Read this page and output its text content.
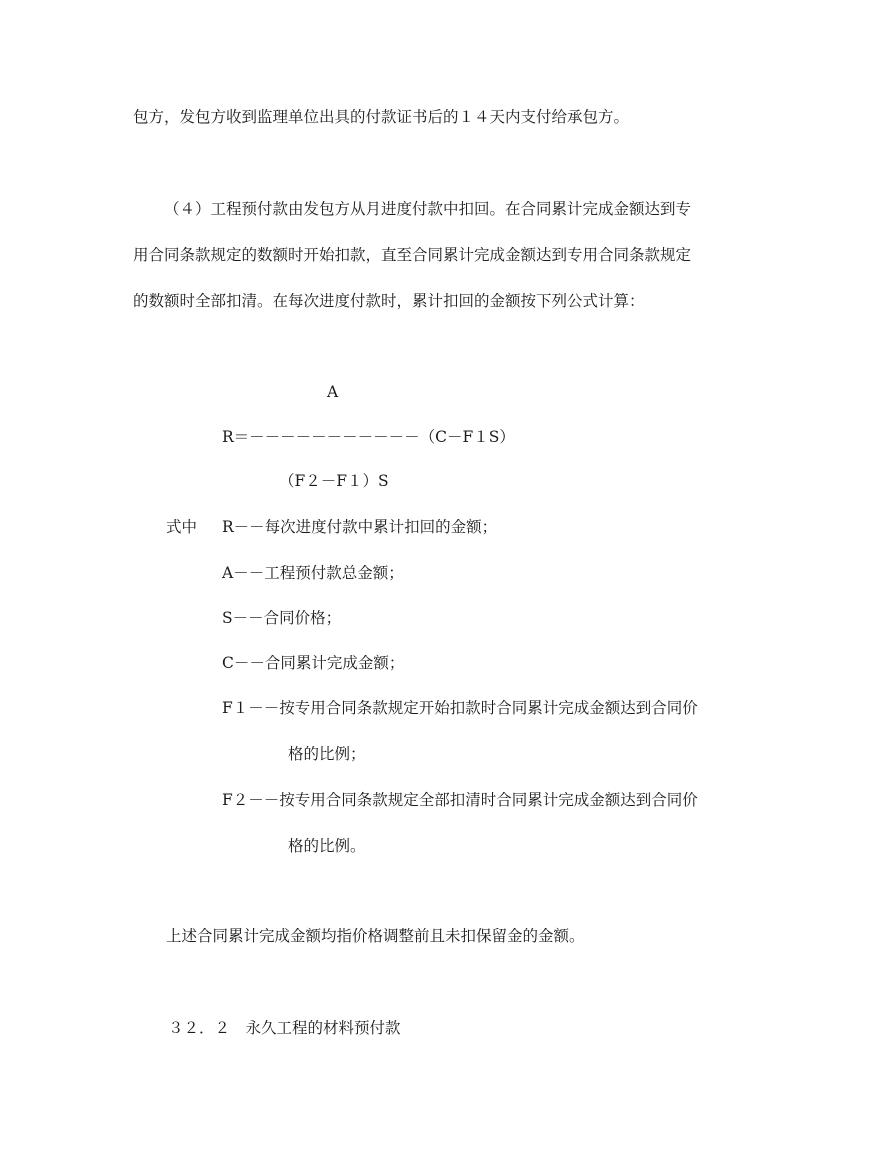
包方，发包方收到监理单位出具的付款证书后的１４天内支付给承包方。
（４）工程预付款由发包方从月进度付款中扣回。在合同累计完成金额达到专
用合同条款规定的数额时开始扣款，直至合同累计完成金额达到专用合同条款规定
的数额时全部扣清。在每次进度付款时，累计扣回的金额按下列公式计算：
A
R＝－－－－－－－－－－－（C－F１S）
（F２－F１）S
式中 R－－每次进度付款中累计扣回的金额；
A－－工程预付款总金额；
S－－合同价格；
C－－合同累计完成金额；
F１－－按专用合同条款规定开始扣款时合同累计完成金额达到合同价
格的比例；
F２－－按专用合同条款规定全部扣清时合同累计完成金额达到合同价
格的比例。
上述合同累计完成金额均指价格调整前且未扣保留金的金额。
３２．２　永久工程的材料预付款
